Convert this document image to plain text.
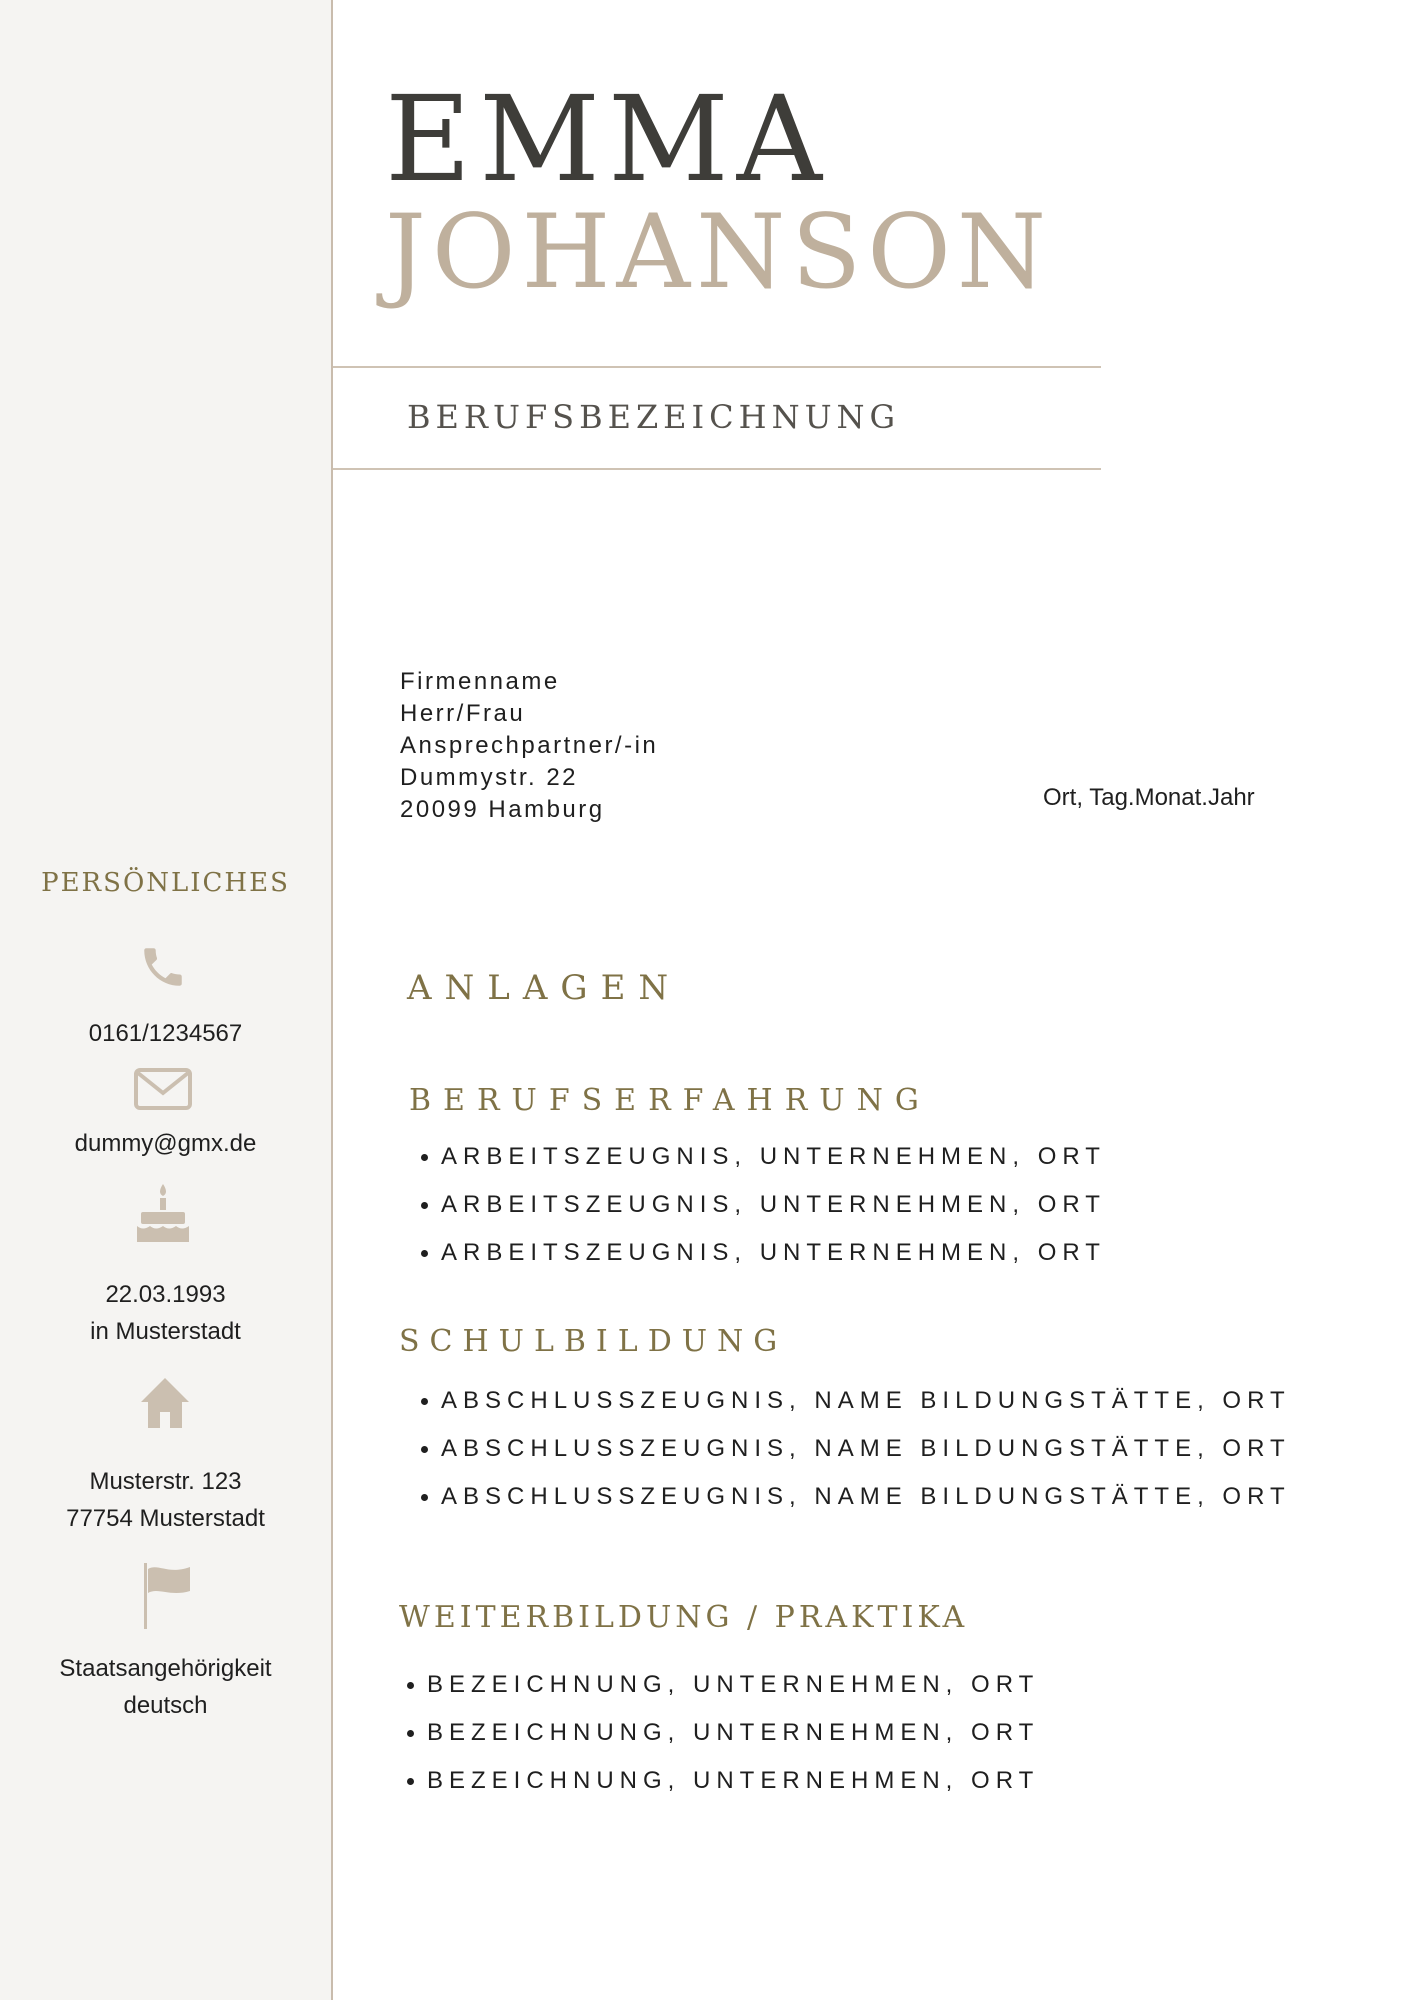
EMMA
JOHANSON
BERUFSBEZEICHNUNG
Firmenname
Herr/Frau
Ansprechpartner/-in
Dummystr. 22
20099 Hamburg	Ort, Tag.Monat.Jahr
PERSÖNLICHES
0161/1234567
dummy@gmx.de
22.03.1993
in Musterstadt
Musterstr. 123
77754 Musterstadt
Staatsangehörigkeit
deutsch
ANLAGEN
BERUFSERFAHRUNG
ARBEITSZEUGNIS, UNTERNEHMEN, ORT
ARBEITSZEUGNIS, UNTERNEHMEN, ORT
ARBEITSZEUGNIS, UNTERNEHMEN, ORT
SCHULBILDUNG
ABSCHLUSSZEUGNIS, NAME BILDUNGSTÄTTE, ORT
ABSCHLUSSZEUGNIS, NAME BILDUNGSTÄTTE, ORT
ABSCHLUSSZEUGNIS, NAME BILDUNGSTÄTTE, ORT
WEITERBILDUNG / PRAKTIKA
BEZEICHNUNG, UNTERNEHMEN, ORT
BEZEICHNUNG, UNTERNEHMEN, ORT
BEZEICHNUNG, UNTERNEHMEN, ORT
